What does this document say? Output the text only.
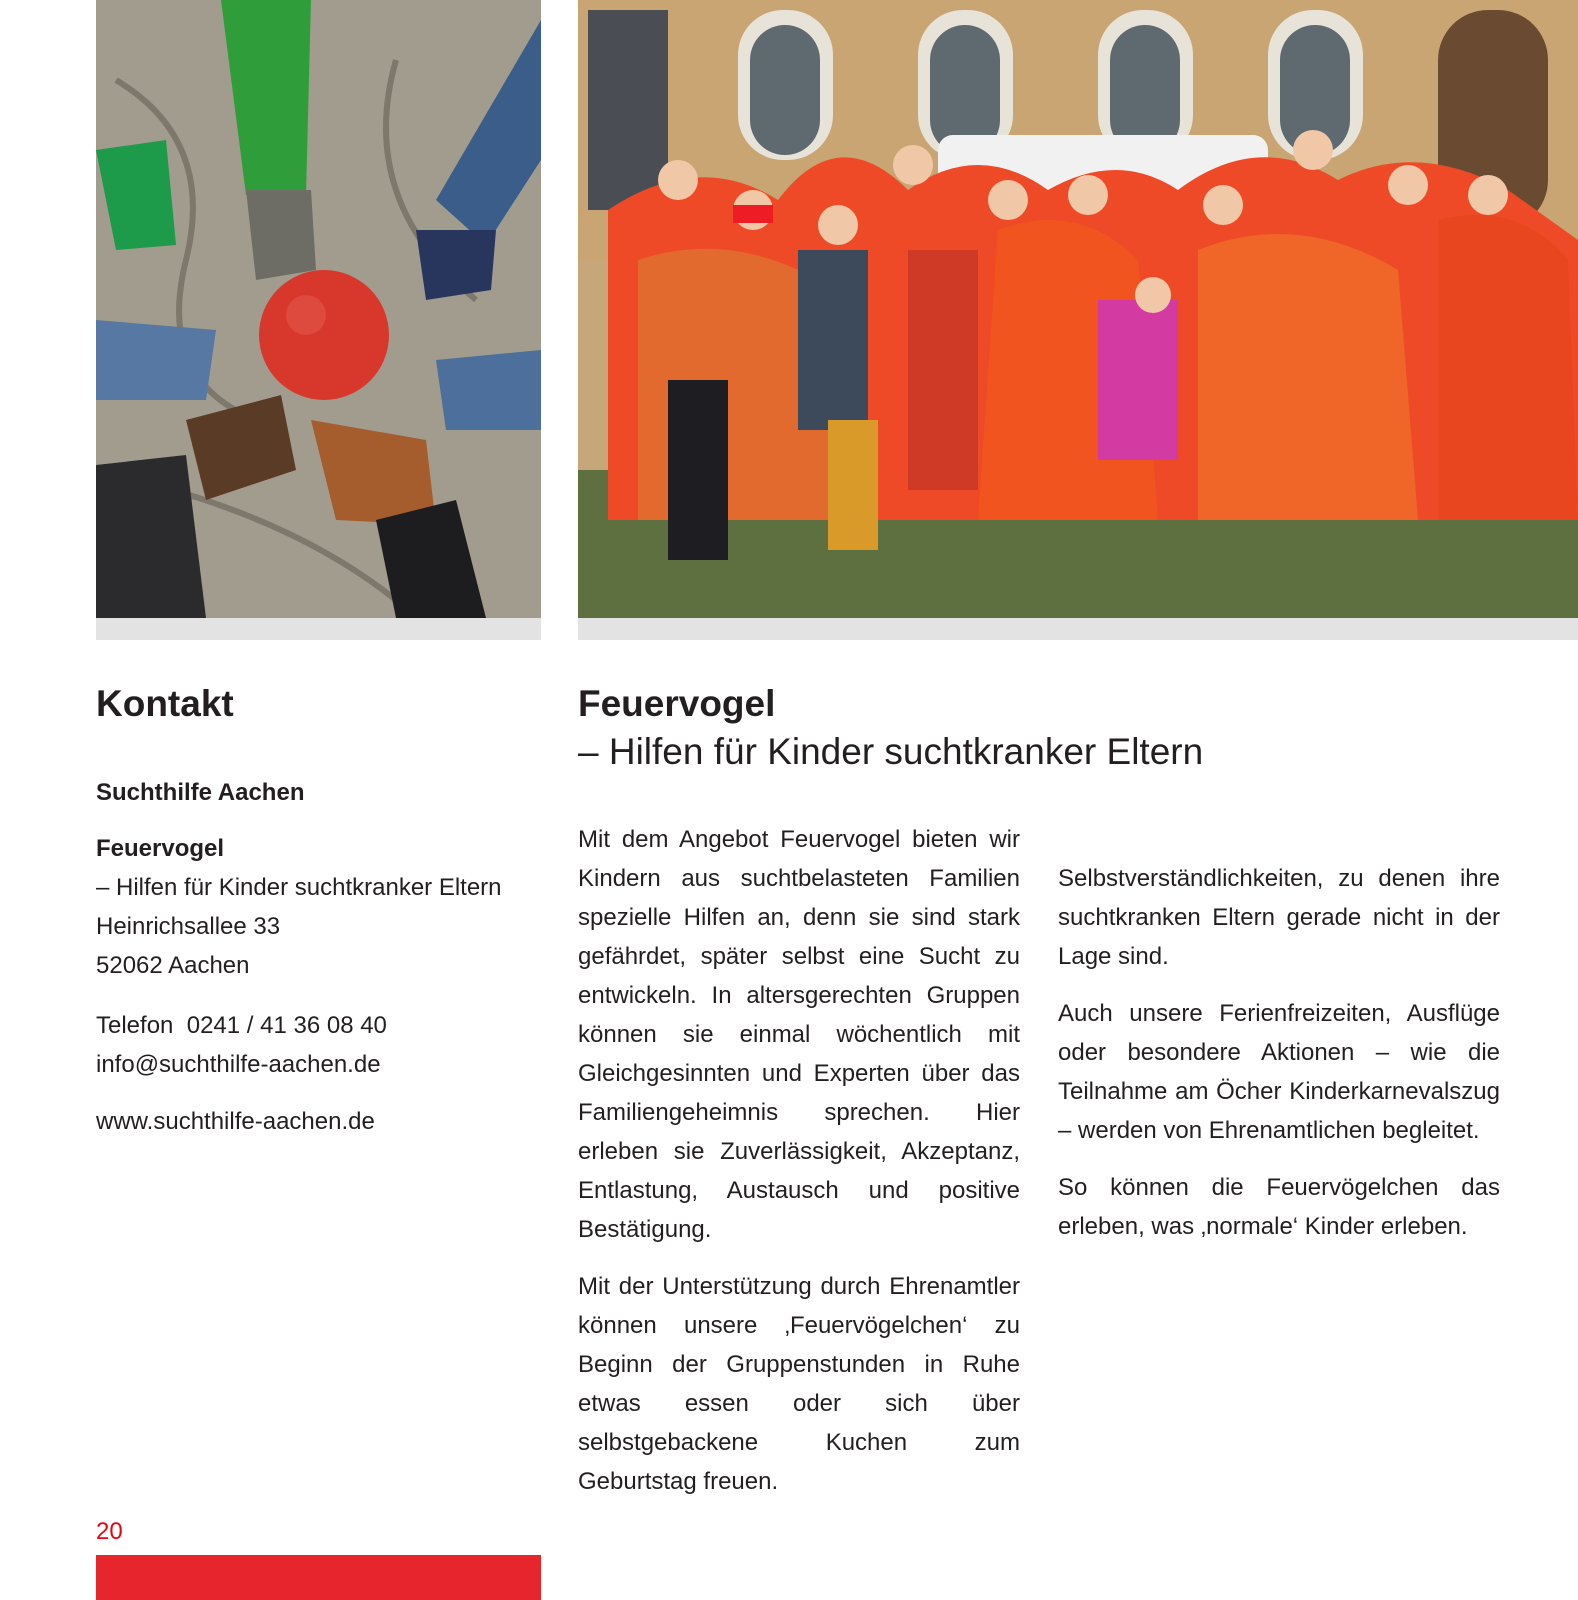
Kontakt

Suchthilfe Aachen

Feuervogel

– Hilfen für Kinder suchtkranker Eltern

Heinrichsallee 33

52062 Aachen

Telefon  0241 / 41 36 08 40

info@suchthilfe-aachen.de

www.suchthilfe-aachen.de

Feuervogel
– Hilfen für Kinder suchtkranker Eltern

Mit dem Angebot Feuervogel bieten wir Kindern aus suchtbelasteten Familien spezielle Hilfen an, denn sie sind stark gefährdet, später selbst eine Sucht zu entwickeln. In altersgerechten Gruppen können sie einmal wöchentlich mit Gleichgesinnten und Experten über das Familiengeheimnis sprechen. Hier erleben sie Zuverlässigkeit, Akzeptanz, Entlastung, Austausch und positive Bestätigung.

Mit der Unterstützung durch Ehrenamtler können unsere ‚Feuervögelchen‘ zu Beginn der Gruppenstunden in Ruhe etwas essen oder sich über selbstgebackene Kuchen zum Geburtstag freuen.

Selbstverständlichkeiten, zu denen ihre suchtkranken Eltern gerade nicht in der Lage sind.

Auch unsere Ferienfreizeiten, Ausflüge oder besondere Aktionen – wie die Teilnahme am Öcher Kinderkarnevalszug – werden von Ehrenamtlichen begleitet.

So können die Feuervögelchen das erleben, was ‚normale‘ Kinder erleben.

20
